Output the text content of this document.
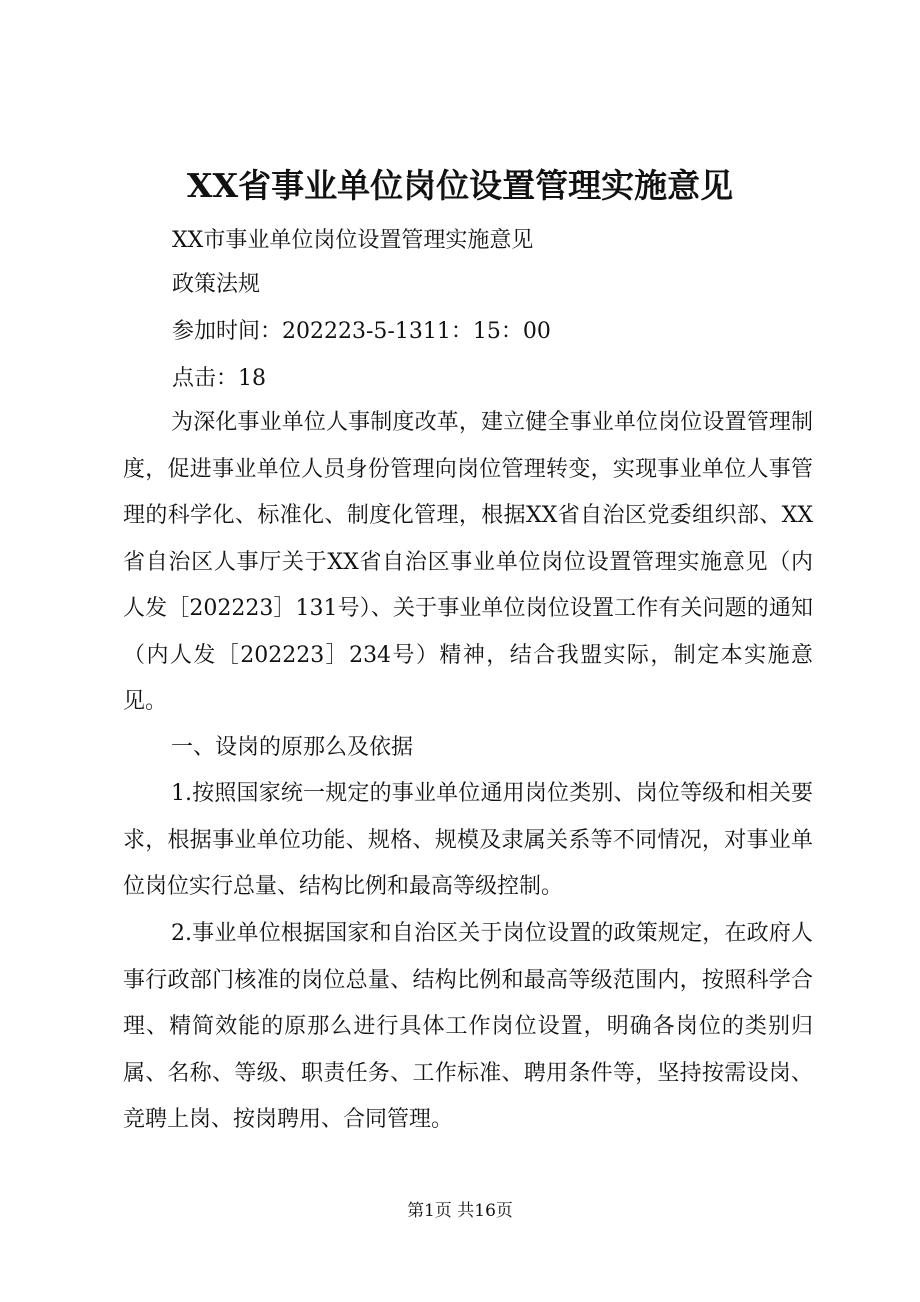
XX省事业单位岗位设置管理实施意见
XX市事业单位岗位设置管理实施意见
政策法规
参加时间：202223-5-1311：15：00
点击：18
为深化事业单位人事制度改革，建立健全事业单位岗位设置管理制度，促进事业单位人员身份管理向岗位管理转变，实现事业单位人事管理的科学化、标准化、制度化管理，根据XX省自治区党委组织部、XX省自治区人事厅关于XX省自治区事业单位岗位设置管理实施意见（内人发［202223］131号）、关于事业单位岗位设置工作有关问题的通知（内人发［202223］234号）精神，结合我盟实际，制定本实施意见。
一、设岗的原那么及依据
1.按照国家统一规定的事业单位通用岗位类别、岗位等级和相关要求，根据事业单位功能、规格、规模及隶属关系等不同情况，对事业单位岗位实行总量、结构比例和最高等级控制。
2.事业单位根据国家和自治区关于岗位设置的政策规定，在政府人事行政部门核准的岗位总量、结构比例和最高等级范围内，按照科学合理、精简效能的原那么进行具体工作岗位设置，明确各岗位的类别归属、名称、等级、职责任务、工作标准、聘用条件等，坚持按需设岗、竞聘上岗、按岗聘用、合同管理。
第1页 共16页
